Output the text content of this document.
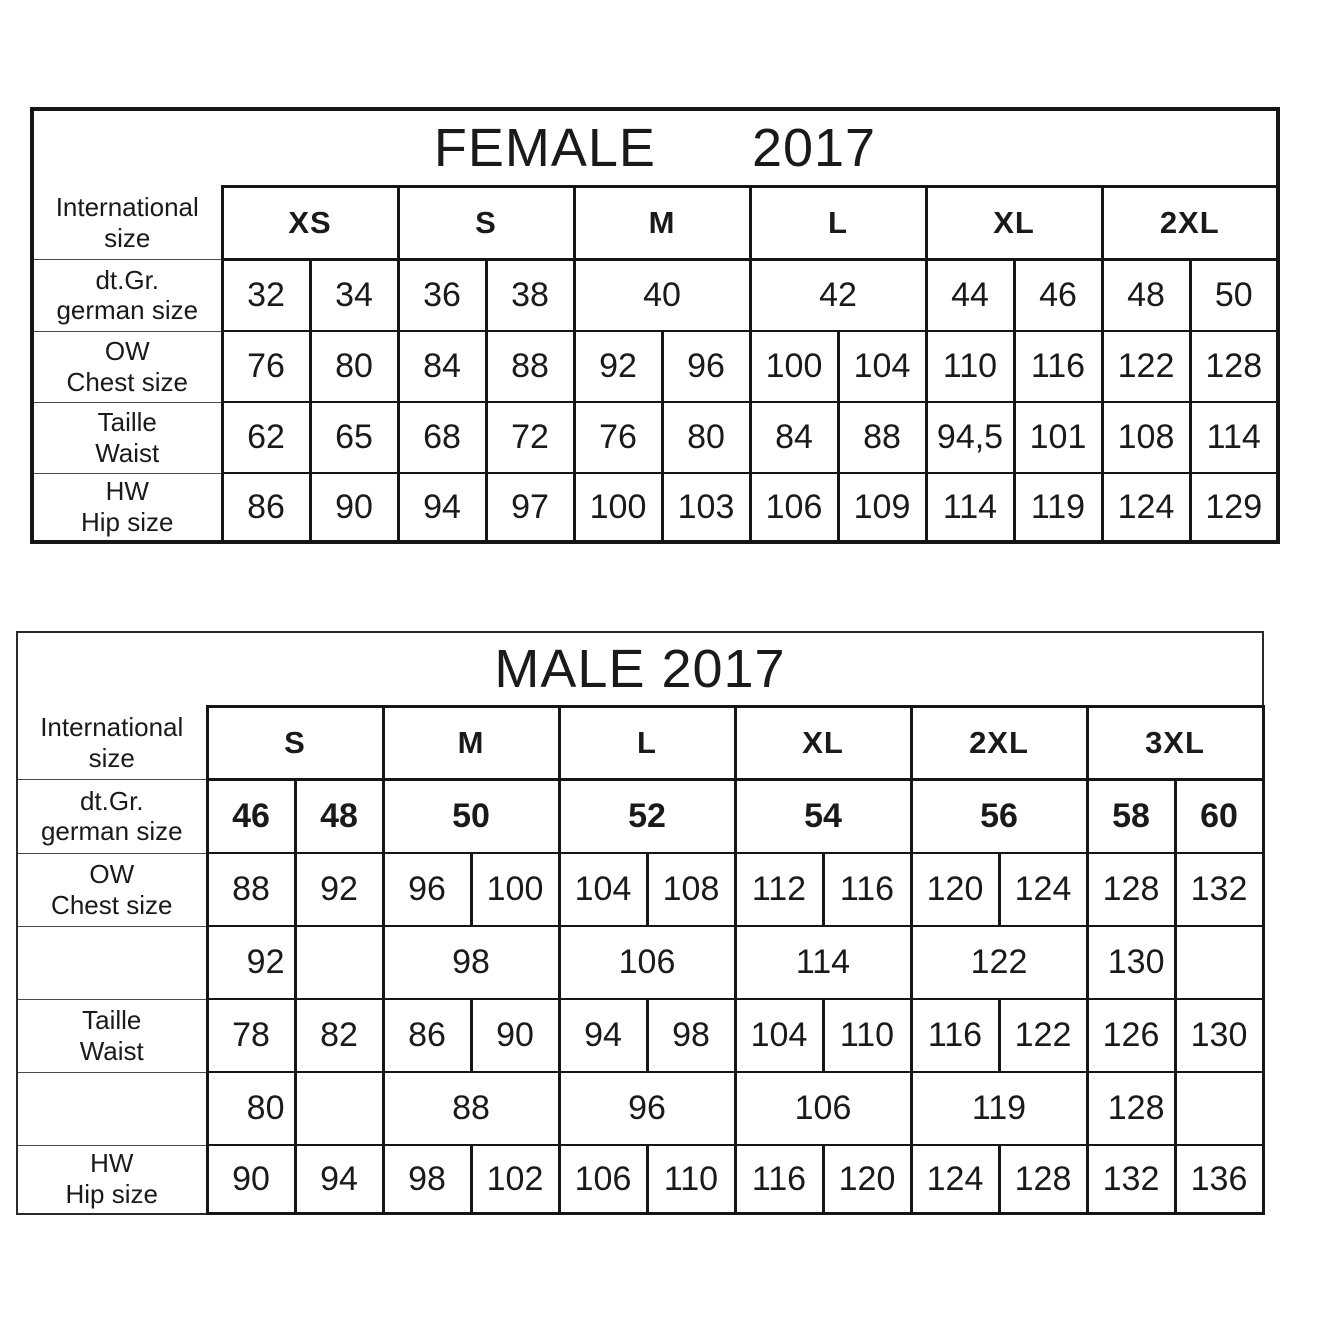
FEMALE      2017												

International
size	XS		S		M		L		XL		2XL	

dt.Gr.
german size	32	34	36	38	40		42		44	46	48	50

OW
Chest size	76	80	84	88	92	96	100	104	110	116	122	128

Taille
Waist	62	65	68	72	76	80	84	88	94,5	101	108	114

HW
Hip size	86	90	94	97	100	103	106	109	114	119	124	129
MALE 2017												

International
size	S		M		L		XL		2XL		3XL	

dt.Gr.
german size	46	48	50		52		54		56		58	60

OW
Chest size	88	92	96	100	104	108	112	116	120	124	128	132
	92		98		106		114		122		130	

Taille
Waist	78	82	86	90	94	98	104	110	116	122	126	130
	80		88		96		106		119		128	

HW
Hip size	90	94	98	102	106	110	116	120	124	128	132	136
